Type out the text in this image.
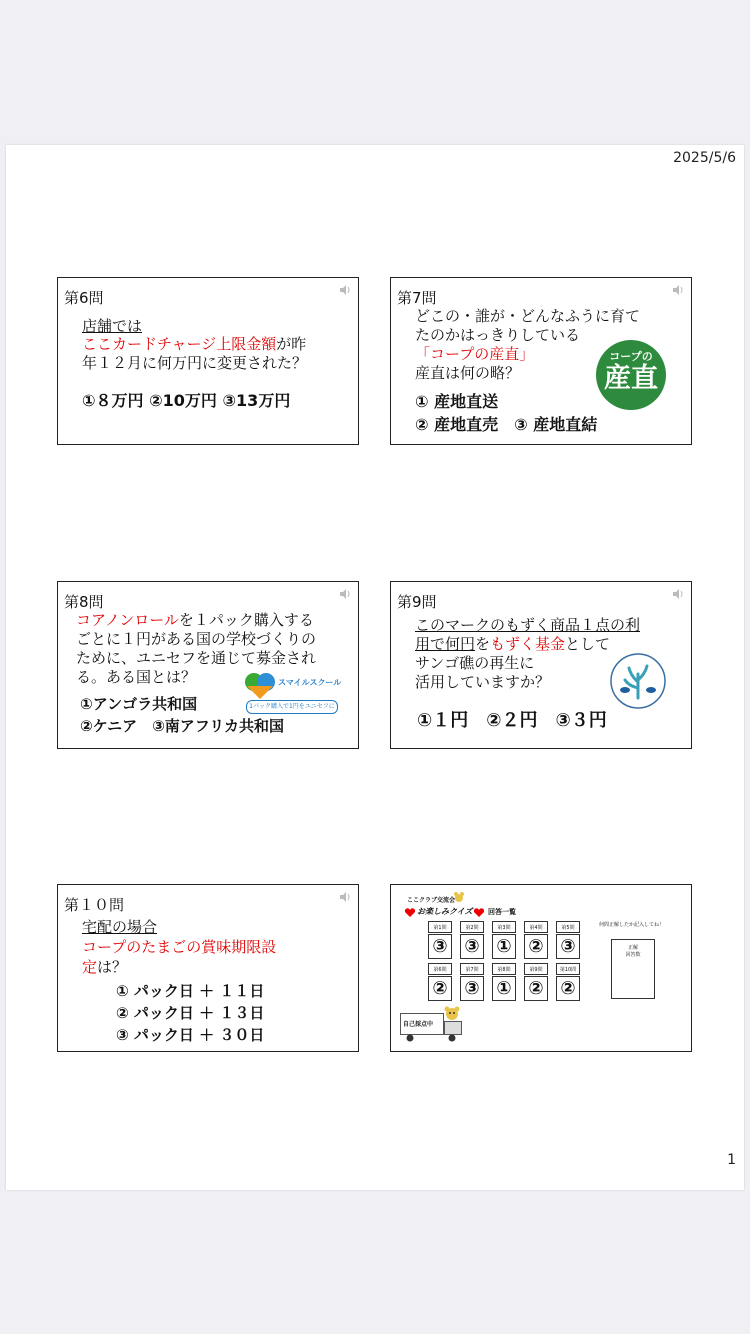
2025/5/6
第6問
店舗では
ここカードチャージ上限金額が昨
年１２月に何万円に変更された？
①８万円 ②10万円 ③13万円
第7問
どこの・誰が・どんなふうに育て
たのかはっきりしている
「コープの産直」
産直は何の略？
① 産地直送
② 産地直売　③ 産地直結
コープの
産直
第8問
コアノンロールを１パック購入する
ごとに１円がある国の学校づくりの
ために、ユニセフを通じて募金され
る。ある国とは？
①アンゴラ共和国
②ケニア　③南アフリカ共和国
スマイルスクール
1パック購入で1円をユニセフに
第9問
このマークのもずく商品１点の利
用で何円をもずく基金として
サンゴ礁の再生に
活用していますか？
①１円　②２円　③３円
第１０問
宅配の場合
コープのたまごの賞味期限設
定は？
① パック日 ＋ １１日
② パック日 ＋ １３日
③ パック日 ＋ ３０日
ここクラブ交流会
お楽しみクイズ 回答一覧
何問正解したか記入してね！
第1問	第2問	第3問	第4問	第5問
③ ③ ① ② ③
第6問	第7問	第8問	第9問	第10問
② ③ ① ② ②
正解
回答数
自己採点中
1
